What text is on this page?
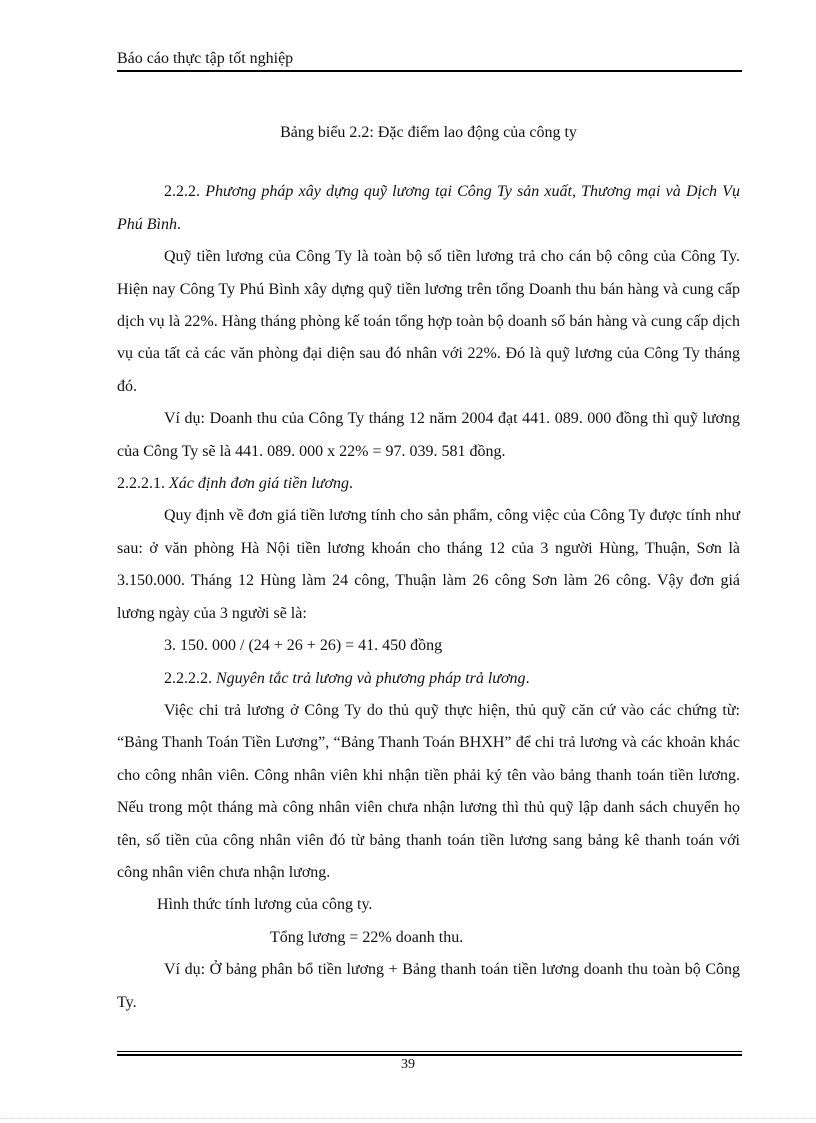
Báo cáo thực tập tốt nghiệp

Bảng biểu 2.2: Đặc điểm lao động của công ty

2.2.2. Phương pháp xây dựng quỹ lương tại Công Ty sản xuất, Thương mại và Dịch Vụ Phú Bình.

Quỹ tiền lương của Công Ty là toàn bộ số tiền lương trả cho cán bộ công của Công Ty. Hiện nay Công Ty Phú Bình xây dựng quỹ tiền lương trên tổng Doanh thu bán hàng và cung cấp dịch vụ là 22%. Hàng tháng phòng kế toán tổng hợp toàn bộ doanh số bán hàng và cung cấp dịch vụ của tất cả các văn phòng đại diện sau đó nhân với 22%. Đó là quỹ lương của Công Ty tháng đó.

Ví dụ: Doanh thu của Công Ty tháng 12 năm 2004 đạt 441. 089. 000 đồng thì quỹ lương của Công Ty sẽ là 441. 089. 000 x 22% = 97. 039. 581 đồng.

2.2.2.1. Xác định đơn giá tiền lương.

Quy định về đơn giá tiền lương tính cho sản phẩm, công việc của Công Ty được tính như sau: ở văn phòng Hà Nội tiền lương khoán cho tháng 12 của 3 người Hùng, Thuận, Sơn là 3.150.000. Tháng 12 Hùng làm 24 công, Thuận làm 26 công Sơn làm 26 công. Vậy đơn giá lương ngày của 3 người sẽ là:

3. 150. 000 / (24 + 26 + 26) = 41. 450 đồng

2.2.2.2. Nguyên tắc trả lương và phương pháp trả lương.

Việc chi trả lương ở Công Ty do thủ quỹ thực hiện, thủ quỹ căn cứ vào các chứng từ: “Bảng Thanh Toán Tiền Lương”, “Bảng Thanh Toán BHXH” để chi trả lương và các khoản khác cho công nhân viên. Công nhân viên khi nhận tiền phải ký tên vào bảng thanh toán tiền lương. Nếu trong một tháng mà công nhân viên chưa nhận lương thì thủ quỹ lập danh sách chuyển họ tên, số tiền của công nhân viên đó từ bảng thanh toán tiền lương sang bảng kê thanh toán với công nhân viên chưa nhận lương.

Hình thức tính lương của công ty.

Tổng lương = 22% doanh thu.

Ví dụ: Ở bảng phân bổ tiền lương + Bảng thanh toán tiền lương doanh thu toàn bộ Công Ty.

39
